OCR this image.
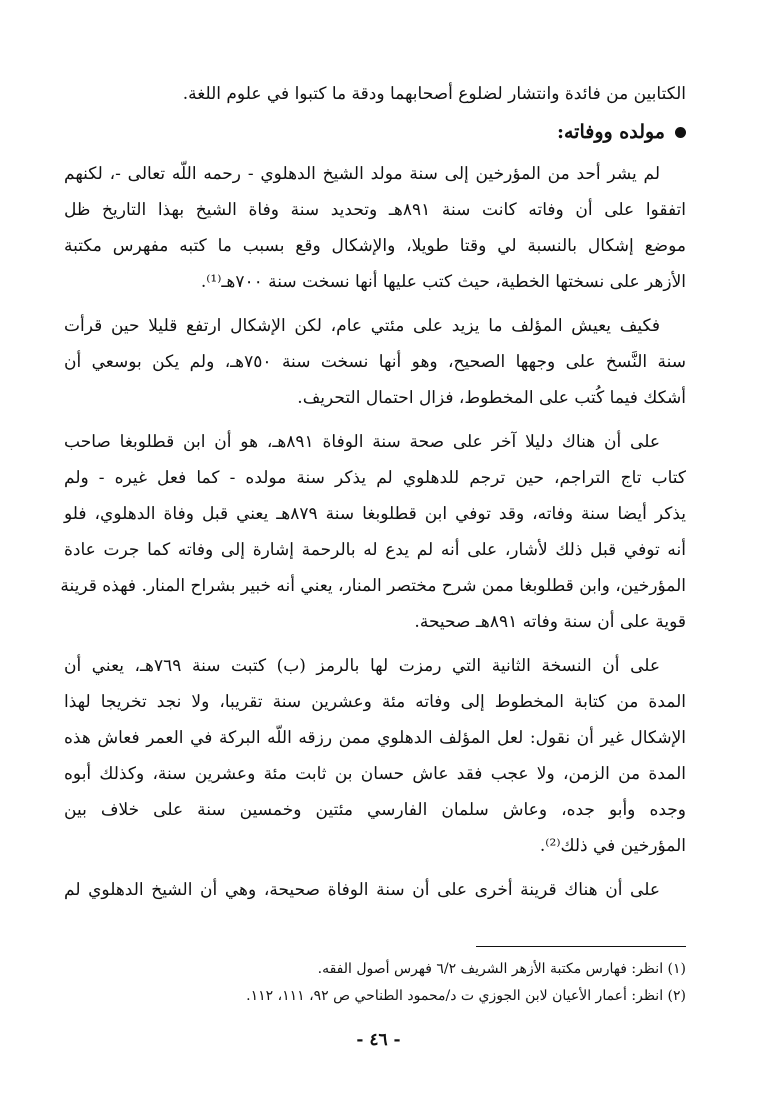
الكتابين من فائدة وانتشار لضلوع أصحابهما ودقة ما كتبوا في علوم اللغة.
مولده ووفاته:
لم يشر أحد من المؤرخين إلى سنة مولد الشيخ الدهلوي - رحمه اللّه تعالى -، لكنهم
اتفقوا على أن وفاته كانت سنة ٨٩١هـ وتحديد سنة وفاة الشيخ بهذا التاريخ ظل
موضع إشكال بالنسبة لي وقتا طويلا، والإشكال وقع بسبب ما كتبه مفهرس مكتبة
الأزهر على نسختها الخطية، حيث كتب عليها أنها نسخت سنة ٧٠٠هـ⁽¹⁾.
فكيف يعيش المؤلف ما يزيد على مئتي عام، لكن الإشكال ارتفع قليلا حين قرأت
سنة النَّسخ على وجهها الصحيح، وهو أنها نسخت سنة ٧٥٠هـ، ولم يكن بوسعي أن
أشكك فيما كُتب على المخطوط، فزال احتمال التحريف.
على أن هناك دليلا آخر على صحة سنة الوفاة ٨٩١هـ، هو أن ابن قطلوبغا صاحب
كتاب تاج التراجم، حين ترجم للدهلوي لم يذكر سنة مولده - كما فعل غيره - ولم
يذكر أيضا سنة وفاته، وقد توفي ابن قطلوبغا سنة ٨٧٩هـ يعني قبل وفاة الدهلوي، فلو
أنه توفي قبل ذلك لأشار، على أنه لم يدع له بالرحمة إشارة إلى وفاته كما جرت عادة
المؤرخين، وابن قطلوبغا ممن شرح مختصر المنار، يعني أنه خبير بشراح المنار. فهذه قرينة
قوية على أن سنة وفاته ٨٩١هـ صحيحة.
على أن النسخة الثانية التي رمزت لها بالرمز (ب) كتبت سنة ٧٦٩هـ، يعني أن
المدة من كتابة المخطوط إلى وفاته مئة وعشرين سنة تقريبا، ولا نجد تخريجا لهذا
الإشكال غير أن نقول: لعل المؤلف الدهلوي ممن رزقه اللّه البركة في العمر فعاش هذه
المدة من الزمن، ولا عجب فقد عاش حسان بن ثابت مئة وعشرين سنة، وكذلك أبوه
وجده وأبو جده، وعاش سلمان الفارسي مئتين وخمسين سنة على خلاف بين
المؤرخين في ذلك⁽²⁾.
على أن هناك قرينة أخرى على أن سنة الوفاة صحيحة، وهي أن الشيخ الدهلوي لم
(١) انظر: فهارس مكتبة الأزهر الشريف ٦/٢ فهرس أصول الفقه.
(٢) انظر: أعمار الأعيان لابن الجوزي ت د/محمود الطناحي ص ٩٢، ١١١، ١١٢.
- ٤٦ -
